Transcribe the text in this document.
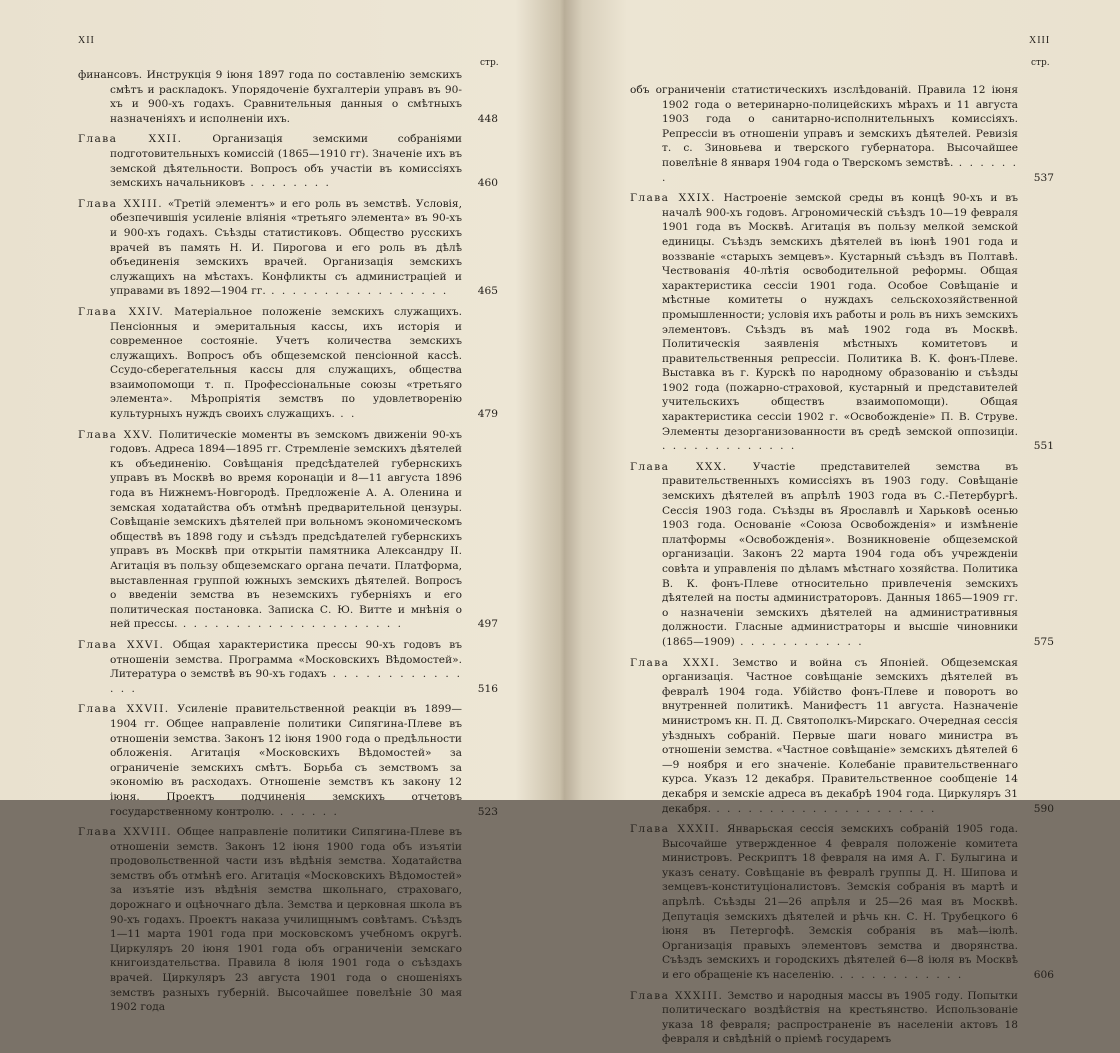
XII
стр.
финансовъ. Инструкція 9 іюня 1897 года по составленію земскихъ смѣтъ и раскладокъ. Упорядоченіе бухгалтеріи управъ въ 90-хъ и 900-хъ годахъ. Сравнительныя данныя о смѣтныхъ назначеніяхъ и исполненіи ихъ.	448
Глава XXII.	Организація земскими собраніями подготовительныхъ комиссій (1865—1910 гг). Значеніе ихъ въ земской дѣятельности. Вопросъ объ участіи въ комиссіяхъ земскихъ начальниковъ . . . . . . . .	460
Глава XXIII. «Третій элементъ» и его роль въ земствѣ. Условія, обезпечившія усиленіе вліянія «третьяго элемента» въ 90-хъ и 900-хъ годахъ. Съѣзды статистиковъ. Общество русскихъ врачей въ память Н. И. Пирогова и его роль въ дѣлѣ объединенія земскихъ врачей. Организація земскихъ служащихъ на мѣстахъ. Конфликты съ администраціей и управами въ 1892—1904 гг. . . . . . . . . . . . . . . . . .	465
Глава XXIV. Матеріальное положеніе земскихъ служащихъ. Пенсіонныя и эмеритальныя кассы, ихъ исторія и современное состояніе. Учетъ количества земскихъ служащихъ. Вопросъ объ общеземской пенсіонной кассѣ. Ссудо-сберегательныя кассы для служащихъ, общества взаимопомощи т. п. Профессіональные союзы «третьяго элемента». Мѣропріятія земствъ по удовлетворенію культурныхъ нуждъ своихъ служащихъ. . .	479
Глава XXV. Политическіе моменты въ земскомъ движеніи 90-хъ годовъ. Адреса 1894—1895 гг. Стремленіе земскихъ дѣятелей къ объединенію. Совѣщанія предсѣдателей губернскихъ управъ въ Москвѣ во время коронаціи и 8—11 августа 1896 года въ Нижнемъ-Новгородѣ. Предложеніе А. А. Оленина и земская ходатайства объ отмѣнѣ предварительной цензуры. Совѣщаніе земскихъ дѣятелей при вольномъ экономическомъ обществѣ въ 1898 году и съѣздъ предсѣдателей губернскихъ управъ въ Москвѣ при открытіи памятника Александру II. Агитація въ пользу общеземскаго органа печати. Платформа, выставленная группой южныхъ земскихъ дѣятелей. Вопросъ о введеніи земства въ неземскихъ губерніяхъ и его политическая постановка. Записка С. Ю. Витте и мнѣнія о ней прессы. . . . . . . . . . . . . . . . . . . . . .	497
Глава XXVI. Общая характеристика прессы 90-хъ годовъ въ отношеніи земства. Программа «Московскихъ Вѣдомостей». Литература о земствѣ въ 90-хъ годахъ . . . . . . . . . . . . . . .	516
Глава XXVII. Усиленіе правительственной реакціи въ 1899—1904 гг. Общее направленіе политики Сипягина-Плеве въ отношеніи земства. Законъ 12 іюня 1900 года о предѣльности обложенія. Агитація «Московскихъ Вѣдомостей» за ограниченіе земскихъ смѣтъ. Борьба съ земствомъ за экономію въ расходахъ. Отношеніе земствъ къ закону 12 іюня. Проектъ подчиненія земскихъ отчетовъ государственному контролю. . . . . . .	523
Глава XXVIII. Общее направленіе политики Сипягина-Плеве въ отношеніи земств. Законъ 12 іюня 1900 года объ изъятіи продовольственной части изъ вѣдѣнія земства. Ходатайства земствъ объ отмѣнѣ его. Агитація «Московскихъ Вѣдомостей» за изъятіе изъ вѣдѣнія земства школьнаго, страховаго, дорожнаго и оцѣночнаго дѣла. Земства и церковная школа въ 90-хъ годахъ. Проектъ наказа училищнымъ совѣтамъ. Съѣздъ 1—11 марта 1901 года при московскомъ учебномъ округѣ. Циркуляръ 20 іюня 1901 года объ ограниченіи земскаго книгоиздательства. Правила 8 іюля 1901 года о съѣздахъ врачей. Циркуляръ 23 августа 1901 года о сношеніяхъ земствъ разныхъ губерній. Высочайшее повелѣніе 30 мая 1902 года
XIII
стр.
объ ограниченіи статистическихъ изслѣдованій. Правила 12 іюня 1902 года о ветеринарно-полицейскихъ мѣрахъ и 11 августа 1903 года о санитарно-исполнительныхъ комиссіяхъ. Репрессіи въ отношеніи управъ и земскихъ дѣятелей. Ревизія т. с. Зиновьева и тверского губернатора. Высочайшее повелѣніе 8 января 1904 года о Тверскомъ земствѣ. . . . . . . .	537
Глава XXIX. Настроеніе земской среды въ концѣ 90-хъ и въ началѣ 900-хъ годовъ. Агрономическій съѣздъ 10—19 февраля 1901 года въ Москвѣ. Агитація въ пользу мелкой земской единицы. Съѣздъ земскихъ дѣятелей въ іюнѣ 1901 года и воззваніе «старыхъ земцевъ». Кустарный съѣздъ въ Полтавѣ. Чествованія 40-лѣтія освободительной реформы. Общая характеристика сессіи 1901 года. Особое Совѣщаніе и мѣстные комитеты о нуждахъ сельскохозяйственной промышленности; условія ихъ работы и роль въ нихъ земскихъ элементовъ. Съѣздъ въ маѣ 1902 года въ Москвѣ. Политическія заявленія мѣстныхъ комитетовъ и правительственныя репрессіи. Политика В. К. фонъ-Плеве. Выставка въ г. Курскѣ по народному образованію и съѣзды 1902 года (пожарно-страховой, кустарный и представителей учительскихъ обществъ взаимопомощи). Общая характеристика сессіи 1902 г. «Освобожденіе» П. В. Струве. Элементы дезорганизованности въ средѣ земской оппозиціи. . . . . . . . . . . . . .	551
Глава XXX. Участіе представителей земства въ правительственныхъ комиссіяхъ въ 1903 году. Совѣщаніе земскихъ дѣятелей въ апрѣлѣ 1903 года въ С.-Петербургѣ. Сессія 1903 года. Съѣзды въ Ярославлѣ и Харьковѣ осенью 1903 года. Основаніе «Союза Освобожденія» и измѣненіе платформы «Освобожденія». Возникновеніе общеземской организаціи. Законъ 22 марта 1904 года объ учрежденіи совѣта и управленія по дѣламъ мѣстнаго хозяйства. Политика В. К. фонъ-Плеве относительно привлеченія земскихъ дѣятелей на посты администраторовъ. Данныя 1865—1909 гг. о назначеніи земскихъ дѣятелей на административныя должности. Гласные администраторы и высшіе чиновники (1865—1909) . . . . . . . . . . . .	575
Глава XXXI. Земство и война съ Японіей. Общеземская организація. Частное совѣщаніе земскихъ дѣятелей въ февралѣ 1904 года. Убійство фонъ-Плеве и поворотъ во внутренней политикѣ. Манифестъ 11 августа. Назначеніе министромъ кн. П. Д. Святополкъ-Мирскаго. Очередная сессія уѣздныхъ собраній. Первые шаги новаго министра въ отношеніи земства. «Частное совѣщаніе» земскихъ дѣятелей 6—9 ноября и его значеніе. Колебаніе правительственнаго курса. Указъ 12 декабря. Правительственное сообщеніе 14 декабря и земскіе адреса въ декабрѣ 1904 года. Циркуляръ 31 декабря. . . . . . . . . . . . . . . . . . . . . .	590
Глава XXXII. Январьская сессія земскихъ собраній 1905 года. Высочайше утвержденное 4 февраля положеніе комитета министровъ. Рескриптъ 18 февраля на имя А. Г. Булыгина и указъ сенату. Совѣщаніе въ февралѣ группы Д. Н. Шипова и земцевъ-конституціоналистовъ. Земскія собранія въ мартѣ и апрѣлѣ. Съѣзды 21—26 апрѣля и 25—26 мая въ Москвѣ. Депутація земскихъ дѣятелей и рѣчь кн. С. Н. Трубецкого 6 іюня въ Петергофѣ. Земскія собранія въ маѣ—іюлѣ. Организація правыхъ элементовъ земства и дворянства. Съѣздъ земскихъ и городскихъ дѣятелей 6—8 іюля въ Москвѣ и его обращеніе къ населенію. . . . . . . . . . . . .	606
Глава XXXIII. Земство и народныя массы въ 1905 году. Попытки политическаго воздѣйствія на крестьянство. Использованіе указа 18 февраля; распространеніе въ населеніи актовъ 18 февраля и свѣдѣній о пріемѣ государемъ
